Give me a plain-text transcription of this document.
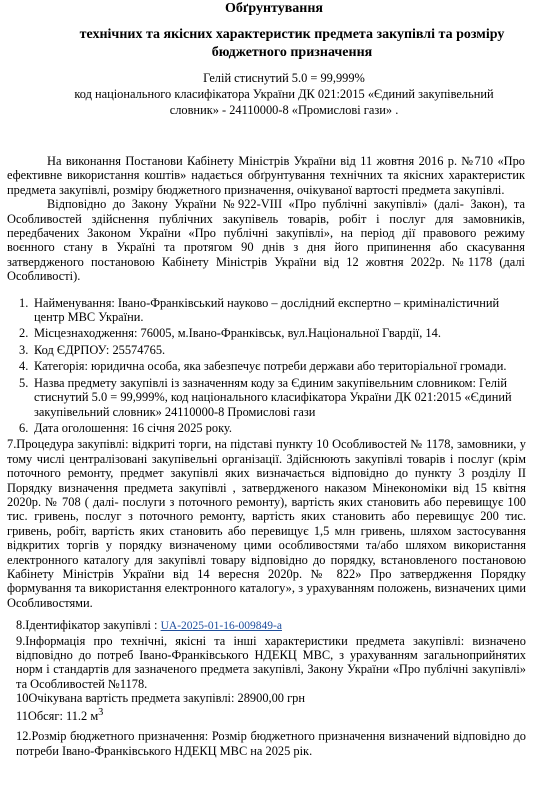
Обґрунтування
технічних та якісних характеристик предмета закупівлі та розміру бюджетного призначення
Гелій стиснутий 5.0 = 99,999%
код національного класифікатора України ДК 021:2015 «Єдиний закупівельний словник» - 24110000-8 «Промислові гази» .
На виконання Постанови Кабінету Міністрів України від 11 жовтня 2016 р. №710 «Про ефективне використання коштів» надається обґрунтування технічних та якісних характеристик предмета закупівлі, розміру бюджетного призначення, очікуваної вартості предмета закупівлі.
Відповідно до Закону України №922-VIII «Про публічні закупівлі» (далі- Закон), та Особливостей здійснення публічних закупівель товарів, робіт і послуг для замовників, передбачених Законом України «Про публічні закупівлі», на період дії правового режиму воєнного стану в Україні та протягом 90 днів з дня його припинення або скасування затвердженого постановою Кабінету Міністрів України від 12 жовтня 2022р. №1178 (далі Особливості).
1. Найменування: Івано-Франківський науково – дослідний експертно – криміналістичний центр МВС України.
2. Місцезнаходження: 76005, м.Івано-Франківськ, вул.Національної Гвардії, 14.
3. Код ЄДРПОУ: 25574765.
4. Категорія: юридична особа, яка забезпечує потреби держави або територіальної громади.
5. Назва предмету закупівлі із зазначенням коду за Єдиним закупівельним словником: Гелій стиснутий 5.0 = 99,999%, код національного класифікатора України ДК 021:2015 «Єдиний закупівельний словник» 24110000-8 Промислові гази
6. Дата оголошення: 16 січня 2025 року.
7.Процедура закупівлі: відкриті торги, на підставі пункту 10 Особливостей № 1178, замовники, у тому числі централізовані закупівельні організації. Здійснюють закупівлі товарів і послуг (крім поточного ремонту, предмет закупівлі яких визначається відповідно до пункту 3 розділу ІІ Порядку визначення предмета закупівлі , затвердженого наказом Мінекономіки від 15 квітня 2020р. № 708 ( далі- послуги з поточного ремонту), вартість яких становить або перевищує 100 тис. гривень, послуг з поточного ремонту, вартість яких становить або перевищує 200 тис. гривень, робіт, вартість яких становить або перевищує 1,5 млн гривень, шляхом застосування відкритих торгів у порядку визначеному цими особливостями та/або шляхом використання електронного каталогу для закупівлі товару відповідно до порядку, встановленого постановою Кабінету Міністрів України від 14 вересня 2020р. № 822» Про затвердження Порядку формування та використання електронного каталогу», з урахуванням положень, визначених цими Особливостями.
8.Ідентифікатор закупівлі : UA-2025-01-16-009849-a
9.Інформація про технічні, якісні та інші характеристики предмета закупівлі: визначено відповідно до потреб Івано-Франківського НДЕКЦ МВС, з урахуванням загальноприйнятих норм і стандартів для зазначеного предмета закупівлі, Закону України «Про публічні закупівлі» та Особливостей №1178.
10Очікувана вартість предмета закупівлі: 28900,00 грн
11Обсяг: 11.2 $м^3$
12.Розмір бюджетного призначення: Розмір бюджетного призначення визначений відповідно до потреби Івано-Франківського НДЕКЦ МВС на 2025 рік.
